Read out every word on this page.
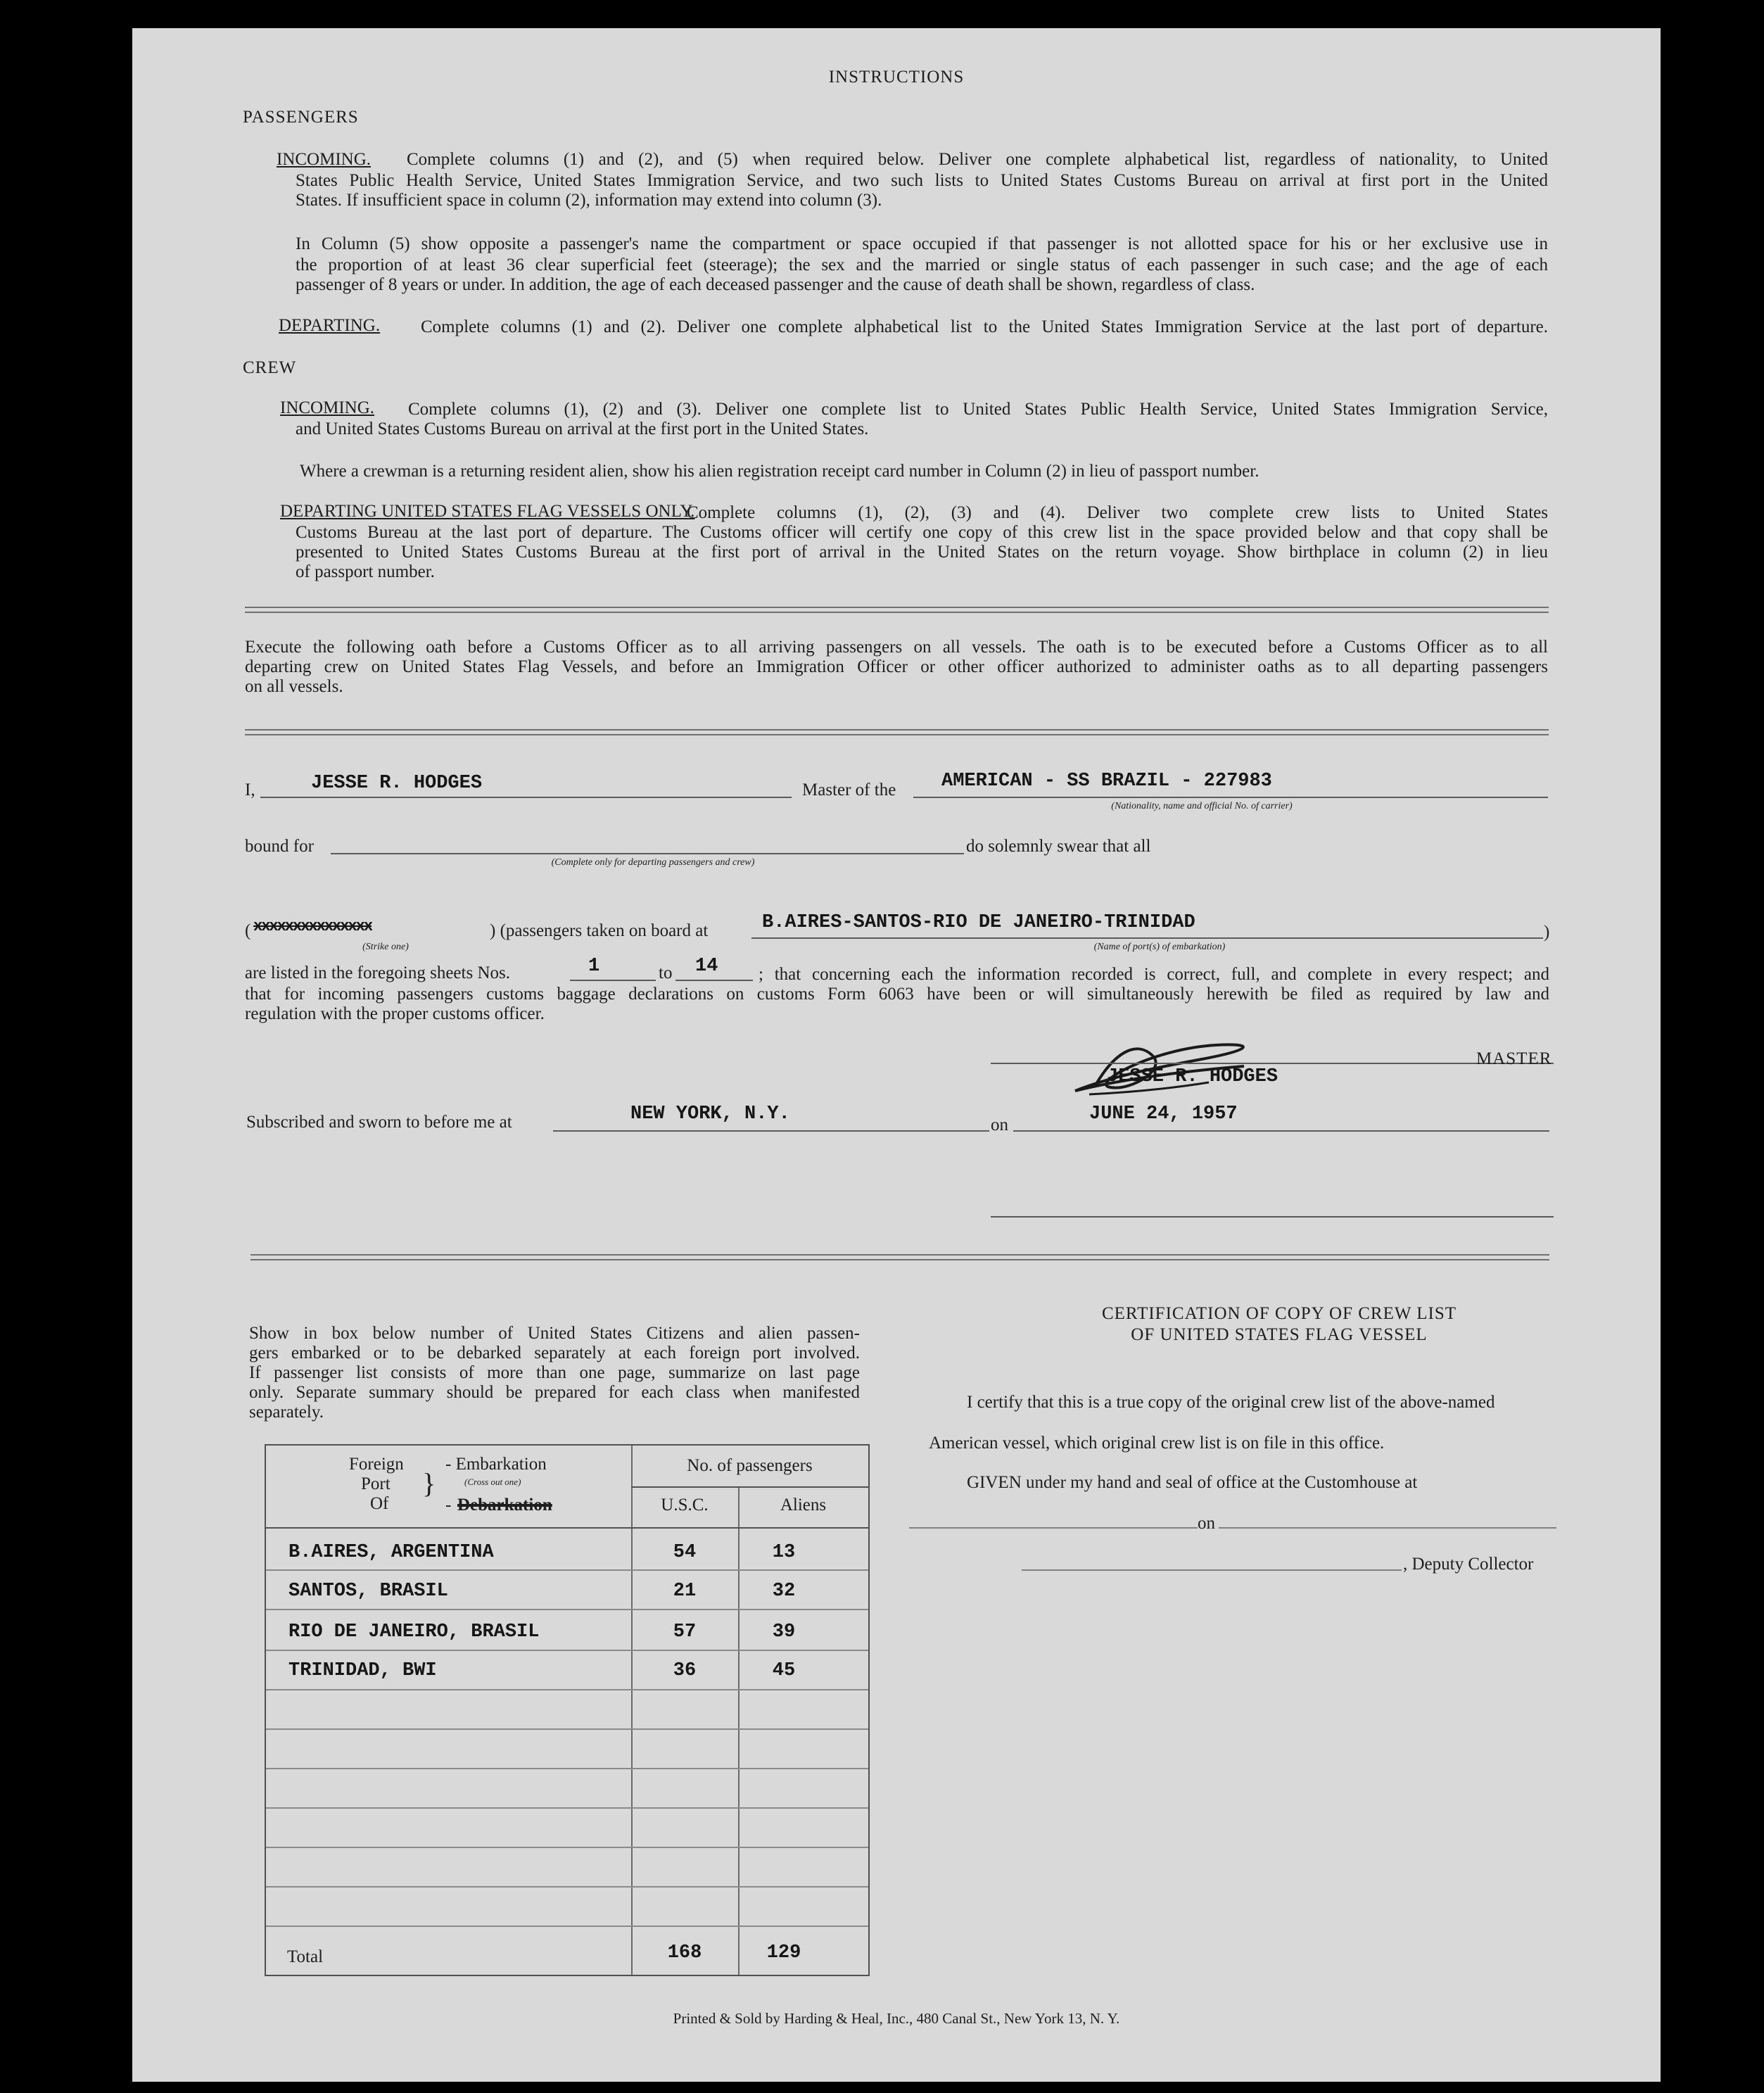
INSTRUCTIONS
PASSENGERS
INCOMING. Complete columns (1) and (2), and (5) when required below. Deliver one complete alphabetical list, regardless of nationality, to United
States Public Health Service, United States Immigration Service, and two such lists to United States Customs Bureau on arrival at first port in the United
States. If insufficient space in column (2), information may extend into column (3).
In Column (5) show opposite a passenger's name the compartment or space occupied if that passenger is not allotted space for his or her exclusive use in
the proportion of at least 36 clear superficial feet (steerage); the sex and the married or single status of each passenger in such case; and the age of each
passenger of 8 years or under. In addition, the age of each deceased passenger and the cause of death shall be shown, regardless of class.
DEPARTING. Complete columns (1) and (2). Deliver one complete alphabetical list to the United States Immigration Service at the last port of departure.
CREW
INCOMING. Complete columns (1), (2) and (3). Deliver one complete list to United States Public Health Service, United States Immigration Service,
and United States Customs Bureau on arrival at the first port in the United States.
Where a crewman is a returning resident alien, show his alien registration receipt card number in Column (2) in lieu of passport number.
DEPARTING UNITED STATES FLAG VESSELS ONLY.
Complete columns (1), (2), (3) and (4). Deliver two complete crew lists to United States
Customs Bureau at the last port of departure. The Customs officer will certify one copy of this crew list in the space provided below and that copy shall be
presented to United States Customs Bureau at the first port of arrival in the United States on the return voyage. Show birthplace in column (2) in lieu
of passport number.
Execute the following oath before a Customs Officer as to all arriving passengers on all vessels. The oath is to be executed before a Customs Officer as to all
departing crew on United States Flag Vessels, and before an Immigration Officer or other officer authorized to administer oaths as to all departing passengers
on all vessels.
I,	JESSE R. HODGES	Master of the AMERICAN - SS BRAZIL - 227983
(Nationality, name and official No. of carrier)
bound for
(Complete only for departing passengers and crew)
do solemnly swear that all
( xxxxxxxxxxxxxxx
(Strike one)
) (passengers taken on board at	B.AIRES-SANTOS-RIO DE JANEIRO-TRINIDAD	)
(Name of port(s) of embarkation)
are listed in the foregoing sheets Nos.	1	to 14 ; that concerning each the information recorded is correct, full, and complete in every respect; and
that for incoming passengers customs baggage declarations on customs Form 6063 have been or will simultaneously herewith be filed as required by law and
regulation with the proper customs officer.
MASTER
JESSE R. HODGES
Subscribed and sworn to before me at	NEW YORK, N.Y.
on
JUNE 24, 1957
Show in box below number of United States Citizens and alien passen-
gers embarked or to be debarked separately at each foreign port involved.
If passenger list consists of more than one page, summarize on last page
only. Separate summary should be prepared for each class when manifested
separately.
Foreign
Port
Of
}
- Embarkation
(Cross out one)
- Debarkation
No. of passengers
U.S.C.	Aliens
B.AIRES, ARGENTINA	54	13
SANTOS, BRASIL	21	32
RIO DE JANEIRO, BRASIL	57	39
TRINIDAD, BWI	36	45
Total	168	129
CERTIFICATION OF COPY OF CREW LIST
OF UNITED STATES FLAG VESSEL
I certify that this is a true copy of the original crew list of the above-named
American vessel, which original crew list is on file in this office.
GIVEN under my hand and seal of office at the Customhouse at
on
, Deputy Collector
Printed & Sold by Harding & Heal, Inc., 480 Canal St., New York 13, N. Y.
